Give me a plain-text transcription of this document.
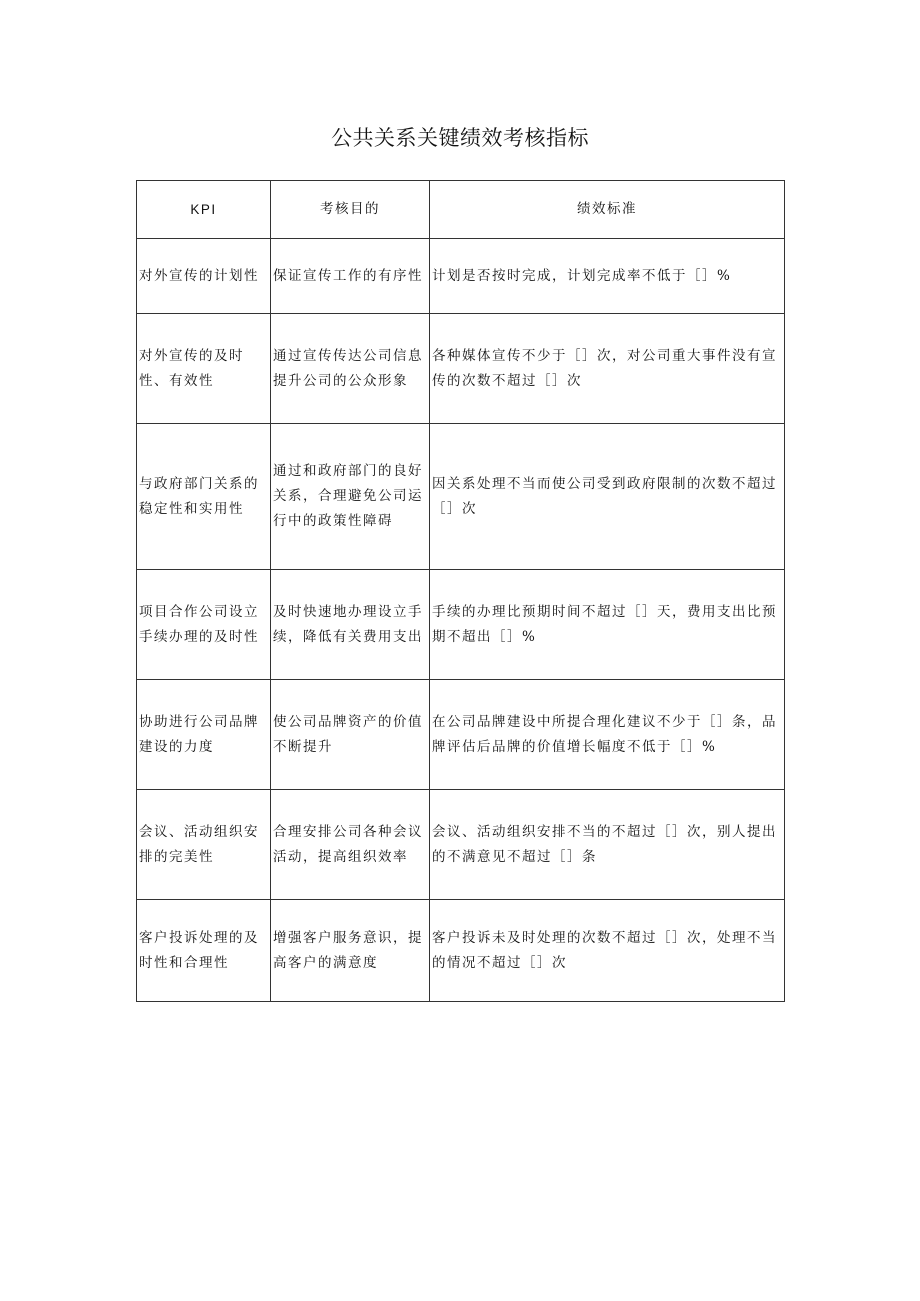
公共关系关键绩效考核指标
KPI	考核目的	绩效标准
对外宣传的计划性	保证宣传工作的有序性	计划是否按时完成，计划完成率不低于［］%
对外宣传的及时性、有效性	通过宣传传达公司信息提升公司的公众形象	各种媒体宣传不少于［］次，对公司重大事件没有宣传的次数不超过［］次
与政府部门关系的稳定性和实用性	通过和政府部门的良好关系，合理避免公司运行中的政策性障碍	因关系处理不当而使公司受到政府限制的次数不超过［］次
项目合作公司设立手续办理的及时性	及时快速地办理设立手续，降低有关费用支出	手续的办理比预期时间不超过［］天，费用支出比预期不超出［］%
协助进行公司品牌建设的力度	使公司品牌资产的价值不断提升	在公司品牌建设中所提合理化建议不少于［］条，品牌评估后品牌的价值增长幅度不低于［］%
会议、活动组织安排的完美性	合理安排公司各种会议活动，提高组织效率	会议、活动组织安排不当的不超过［］次，别人提出的不满意见不超过［］条
客户投诉处理的及时性和合理性	增强客户服务意识，提高客户的满意度	客户投诉未及时处理的次数不超过［］次，处理不当的情况不超过［］次
